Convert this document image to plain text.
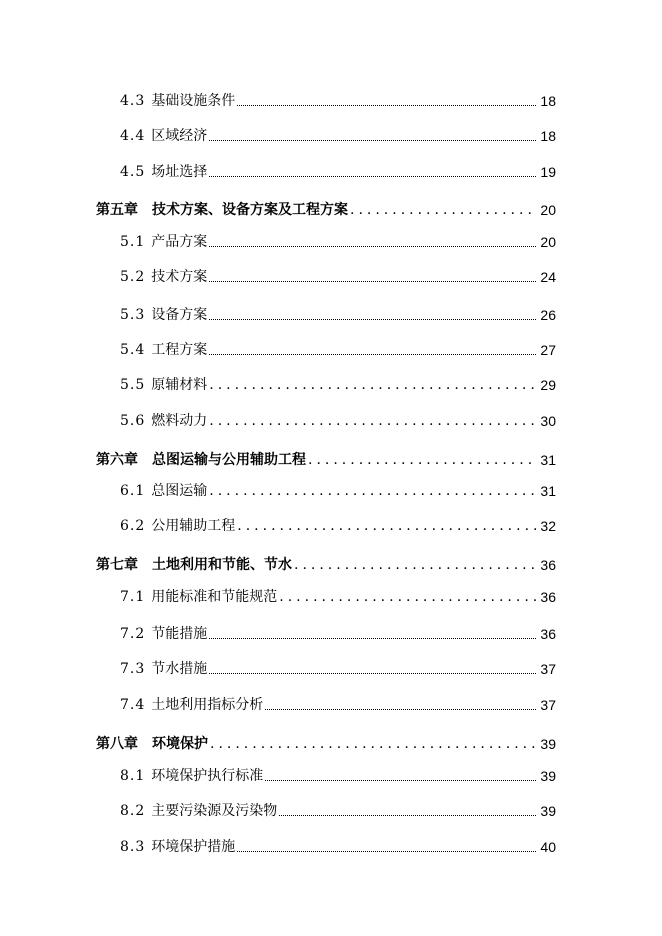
4.3 基础设施条件	18
4.4 区域经济	18
4.5 场址选择	19
第五章 技术方案、设备方案及工程方案 .....	20
5.1 产品方案	20
5.2 技术方案	24
5.3 设备方案	26
5.4 工程方案	27
5.5 原辅材料 .....	29
5.6 燃料动力 .....	30
第六章 总图运输与公用辅助工程 .....	31
6.1 总图运输 .....	31
6.2 公用辅助工程 .....	32
第七章 土地利用和节能、节水 .....	36
7.1 用能标准和节能规范 .....	36
7.2 节能措施	36
7.3 节水措施	37
7.4 土地利用指标分析	37
第八章 环境保护 .....	39
8.1 环境保护执行标准	39
8.2 主要污染源及污染物	39
8.3 环境保护措施	40
